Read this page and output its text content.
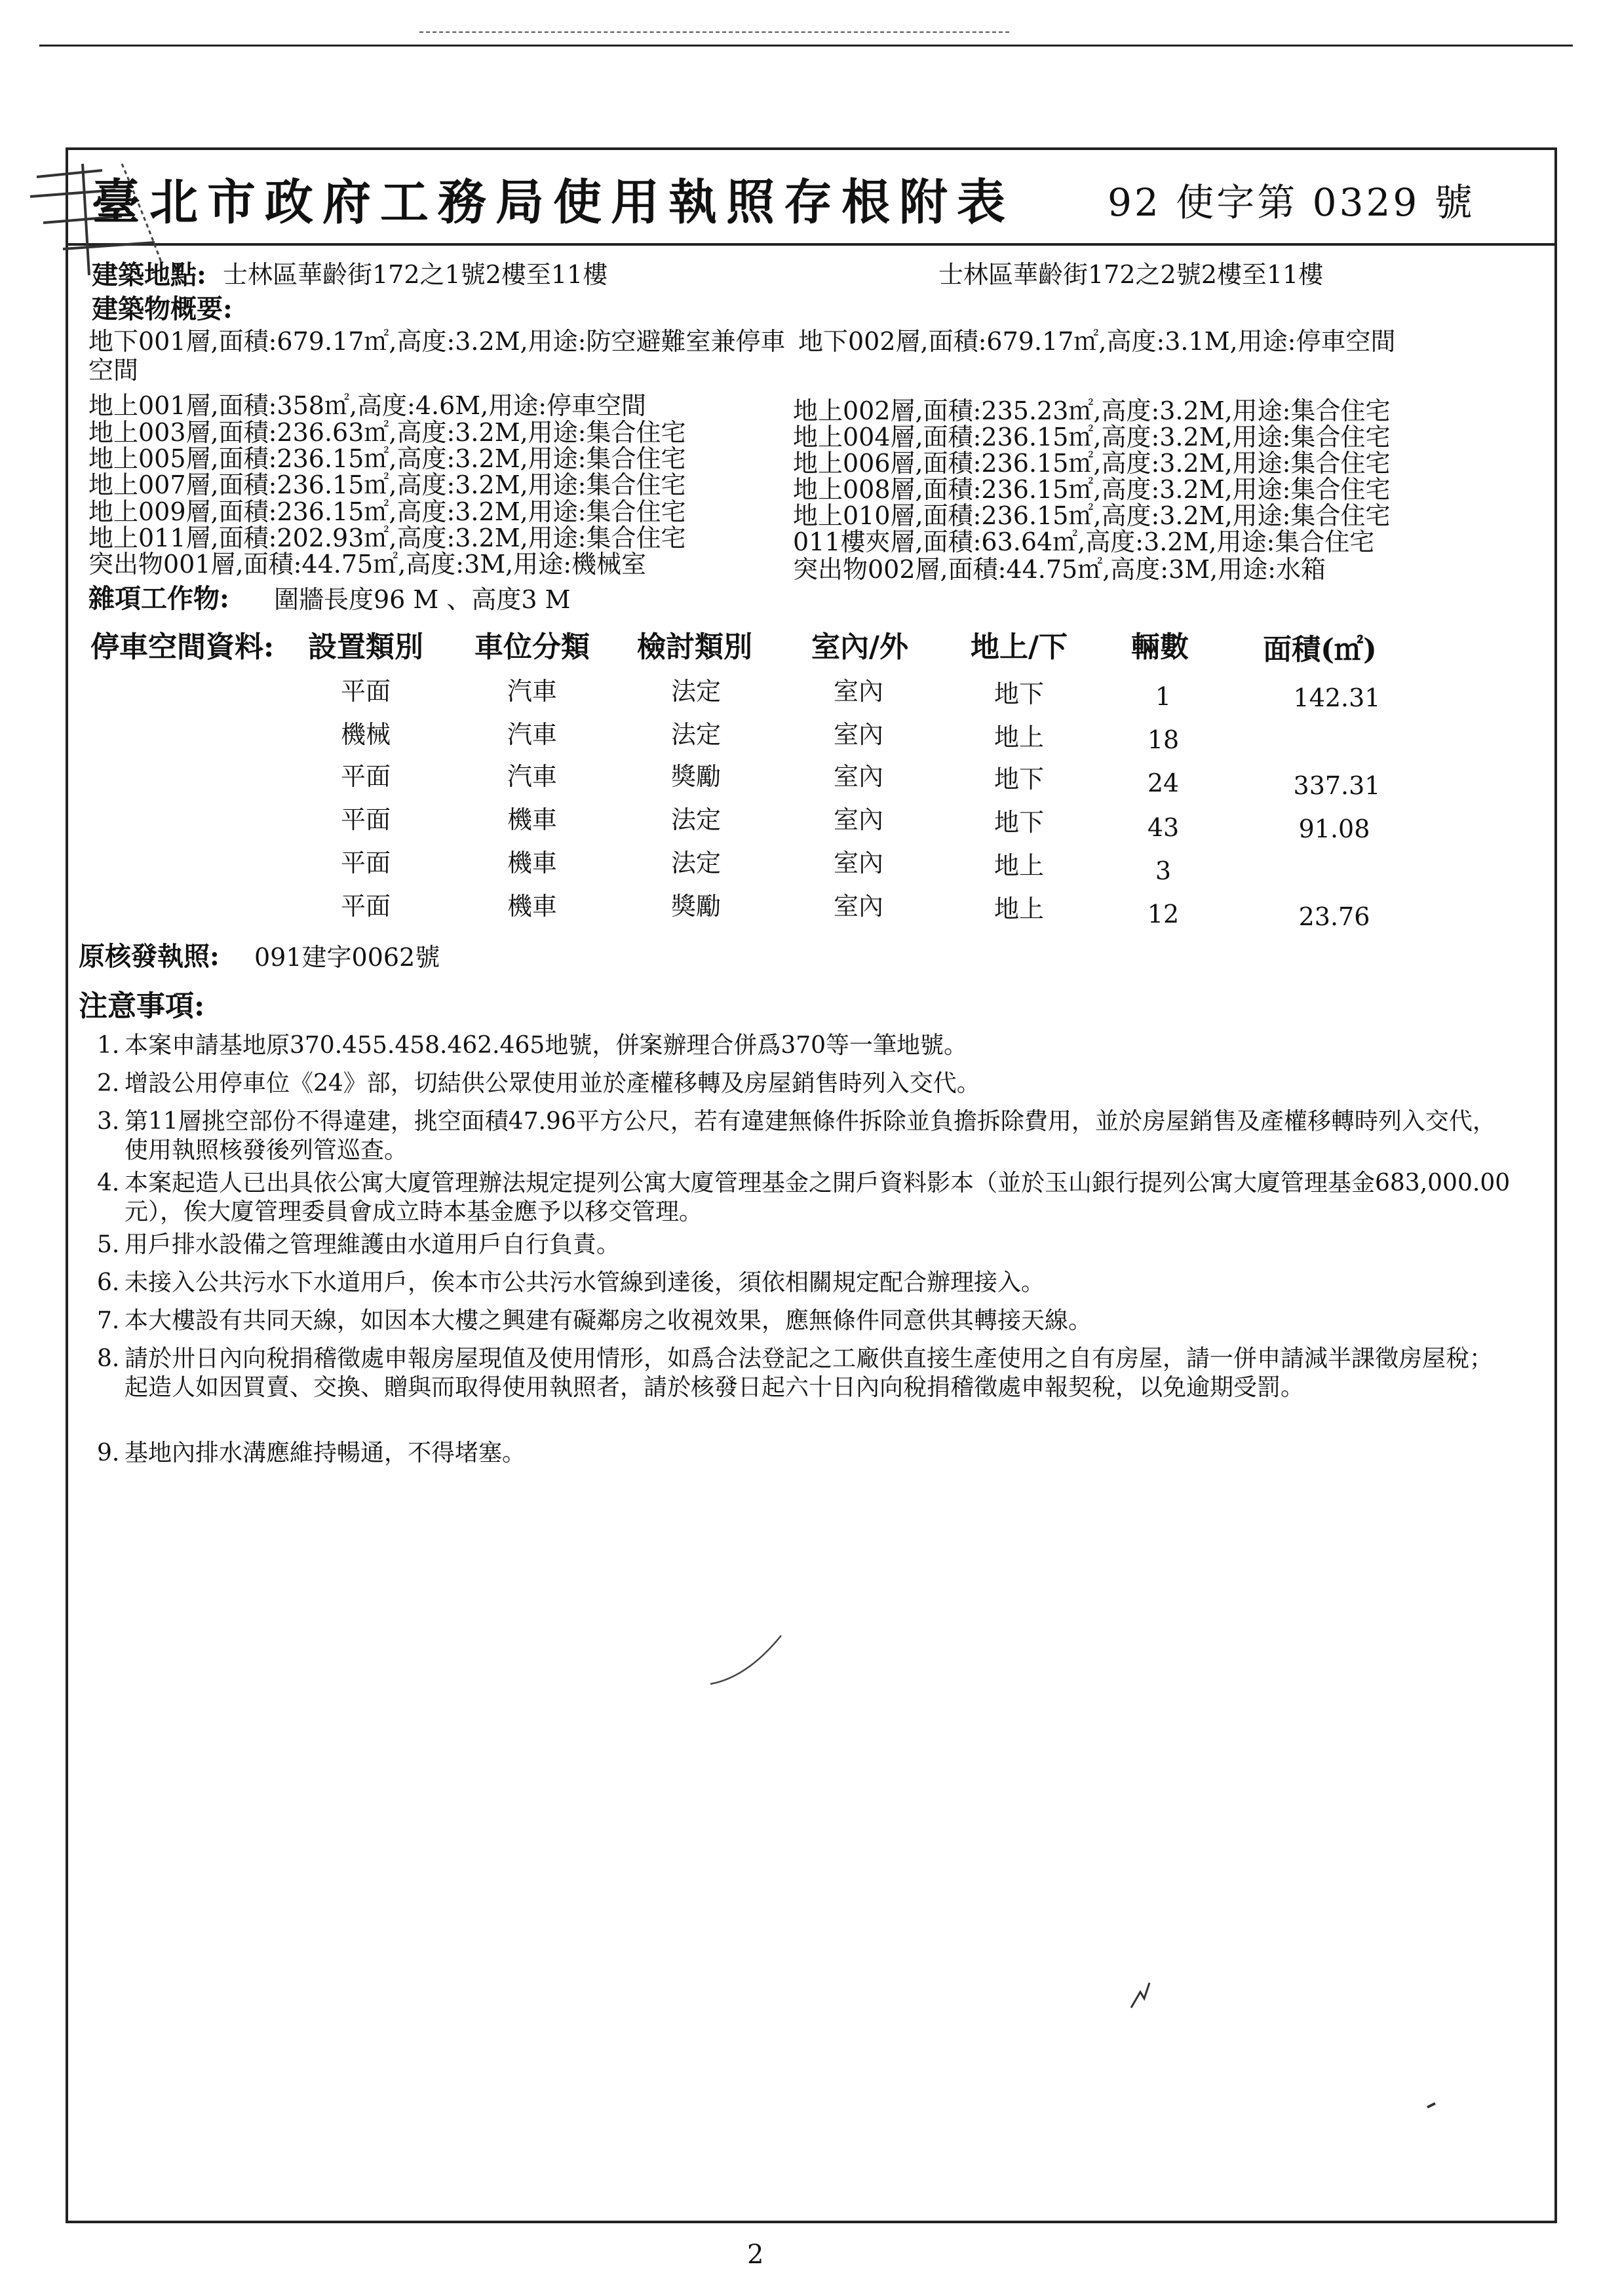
臺北市政府工務局使用執照存根附表 92 使字第 0329 號
建築地點: 士林區華齡街172之1號2樓至11樓	士林區華齡街172之2號2樓至11樓
建築物概要:
地下001層,面積:679.17㎡,高度:3.2M,用途:防空避難室兼停車
空間
地下002層,面積:679.17㎡,高度:3.1M,用途:停車空間
地上001層,面積:358㎡,高度:4.6M,用途:停車空間
地上003層,面積:236.63㎡,高度:3.2M,用途:集合住宅
地上005層,面積:236.15㎡,高度:3.2M,用途:集合住宅
地上007層,面積:236.15㎡,高度:3.2M,用途:集合住宅
地上009層,面積:236.15㎡,高度:3.2M,用途:集合住宅
地上011層,面積:202.93㎡,高度:3.2M,用途:集合住宅
突出物001層,面積:44.75㎡,高度:3M,用途:機械室
地上002層,面積:235.23㎡,高度:3.2M,用途:集合住宅
地上004層,面積:236.15㎡,高度:3.2M,用途:集合住宅
地上006層,面積:236.15㎡,高度:3.2M,用途:集合住宅
地上008層,面積:236.15㎡,高度:3.2M,用途:集合住宅
地上010層,面積:236.15㎡,高度:3.2M,用途:集合住宅
011樓夾層,面積:63.64㎡,高度:3.2M,用途:集合住宅
突出物002層,面積:44.75㎡,高度:3M,用途:水箱
雜項工作物: 圍牆長度96 M 、高度3 M
停車空間資料: 設置類別 車位分類 檢討類別 室內/外 地上/下 輛數	面積(㎡)
平面	汽車	法定	室內	地下	1	142.31
機械	汽車	法定	室內	地上	18
平面	汽車	獎勵	室內	地下	24	337.31
平面	機車	法定	室內	地下	43	91.08
平面	機車	法定	室內	地上	3
平面	機車	獎勵	室內	地上	12	23.76
原核發執照: 091建字0062號
注意事項:
1. 本案申請基地原370.455.458.462.465地號，併案辦理合併爲370等一筆地號。
2. 增設公用停車位《24》部，切結供公眾使用並於產權移轉及房屋銷售時列入交代。
3. 第11層挑空部份不得違建，挑空面積47.96平方公尺，若有違建無條件拆除並負擔拆除費用，並於房屋銷售及產權移轉時列入交代，使用執照核發後列管巡查。
4. 本案起造人已出具依公寓大廈管理辦法規定提列公寓大廈管理基金之開戶資料影本（並於玉山銀行提列公寓大廈管理基金683,000.00元），俟大廈管理委員會成立時本基金應予以移交管理。
5. 用戶排水設備之管理維護由水道用戶自行負責。
6. 未接入公共污水下水道用戶，俟本市公共污水管線到達後，須依相關規定配合辦理接入。
7. 本大樓設有共同天線，如因本大樓之興建有礙鄰房之收視效果，應無條件同意供其轉接天線。
8. 請於卅日內向稅捐稽徵處申報房屋現值及使用情形，如爲合法登記之工廠供直接生產使用之自有房屋，請一併申請減半課徵房屋稅；起造人如因買賣、交換、贈與而取得使用執照者，請於核發日起六十日內向稅捐稽徵處申報契稅，以免逾期受罰。
9. 基地內排水溝應維持暢通，不得堵塞。
2
